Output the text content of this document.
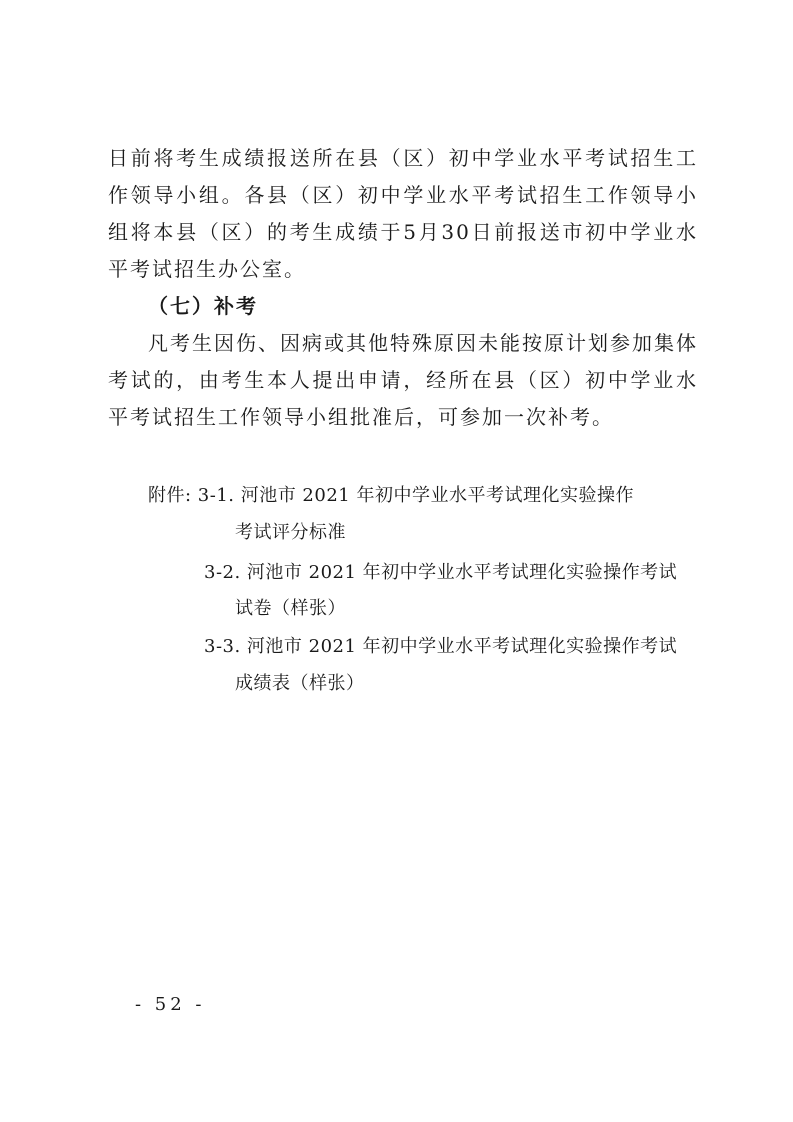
日前将考生成绩报送所在县（区）初中学业水平考试招生工作领导小组。各县（区）初中学业水平考试招生工作领导小组将本县（区）的考生成绩于5月30日前报送市初中学业水平考试招生办公室。

（七）补考

凡考生因伤、因病或其他特殊原因未能按原计划参加集体考试的，由考生本人提出申请，经所在县（区）初中学业水平考试招生工作领导小组批准后，可参加一次补考。

附件: 3-1. 河池市 2021 年初中学业水平考试理化实验操作

考试评分标准

3-2. 河池市 2021 年初中学业水平考试理化实验操作考试

试卷（样张）

3-3. 河池市 2021 年初中学业水平考试理化实验操作考试

成绩表（样张）

- 52 -
